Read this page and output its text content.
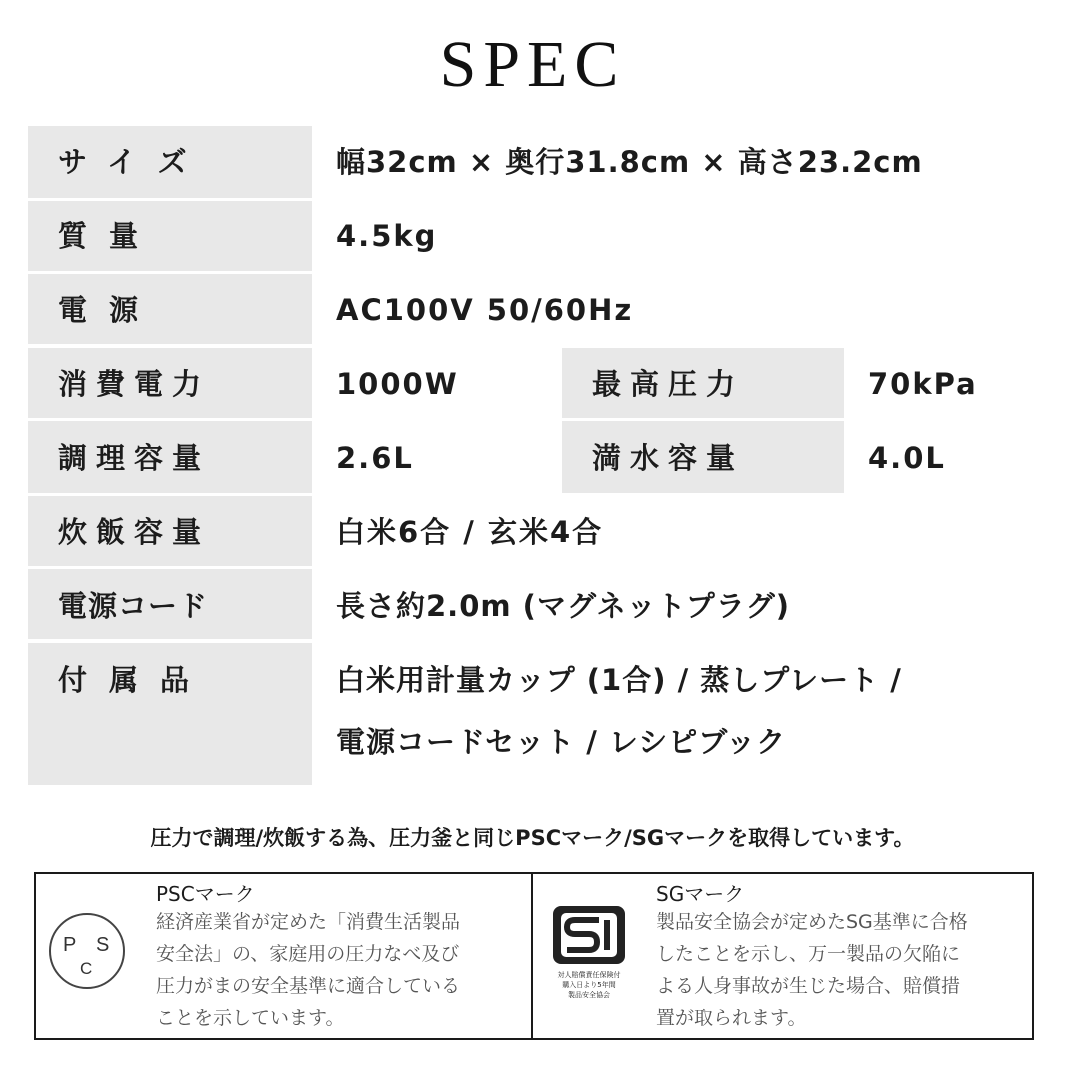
SPEC
サイズ
質量
電源
消費電力
調理容量
炊飯容量
電源コード
付属品
最高圧力
満水容量
幅32cm × 奥行31.8cm × 高さ23.2cm
4.5kg
AC100V 50/60Hz
1000W
2.6L
白米6合 / 玄米4合
長さ約2.0m (マグネットプラグ)
白米用計量カップ (1合) / 蒸しプレート /
電源コードセット / レシピブック
70kPa
4.0L
圧力で調理/炊飯する為、圧力釜と同じPSCマーク/SGマークを取得しています。
P S
C
PSCマーク
経済産業省が定めた「消費生活製品
安全法」の、家庭用の圧力なべ及び
圧力がまの安全基準に適合している
ことを示しています。
対人賠償責任保険付
購入日より5年間
製品安全協会
SGマーク
製品安全協会が定めたSG基準に合格
したことを示し、万一製品の欠陥に
よる人身事故が生じた場合、賠償措
置が取られます。
